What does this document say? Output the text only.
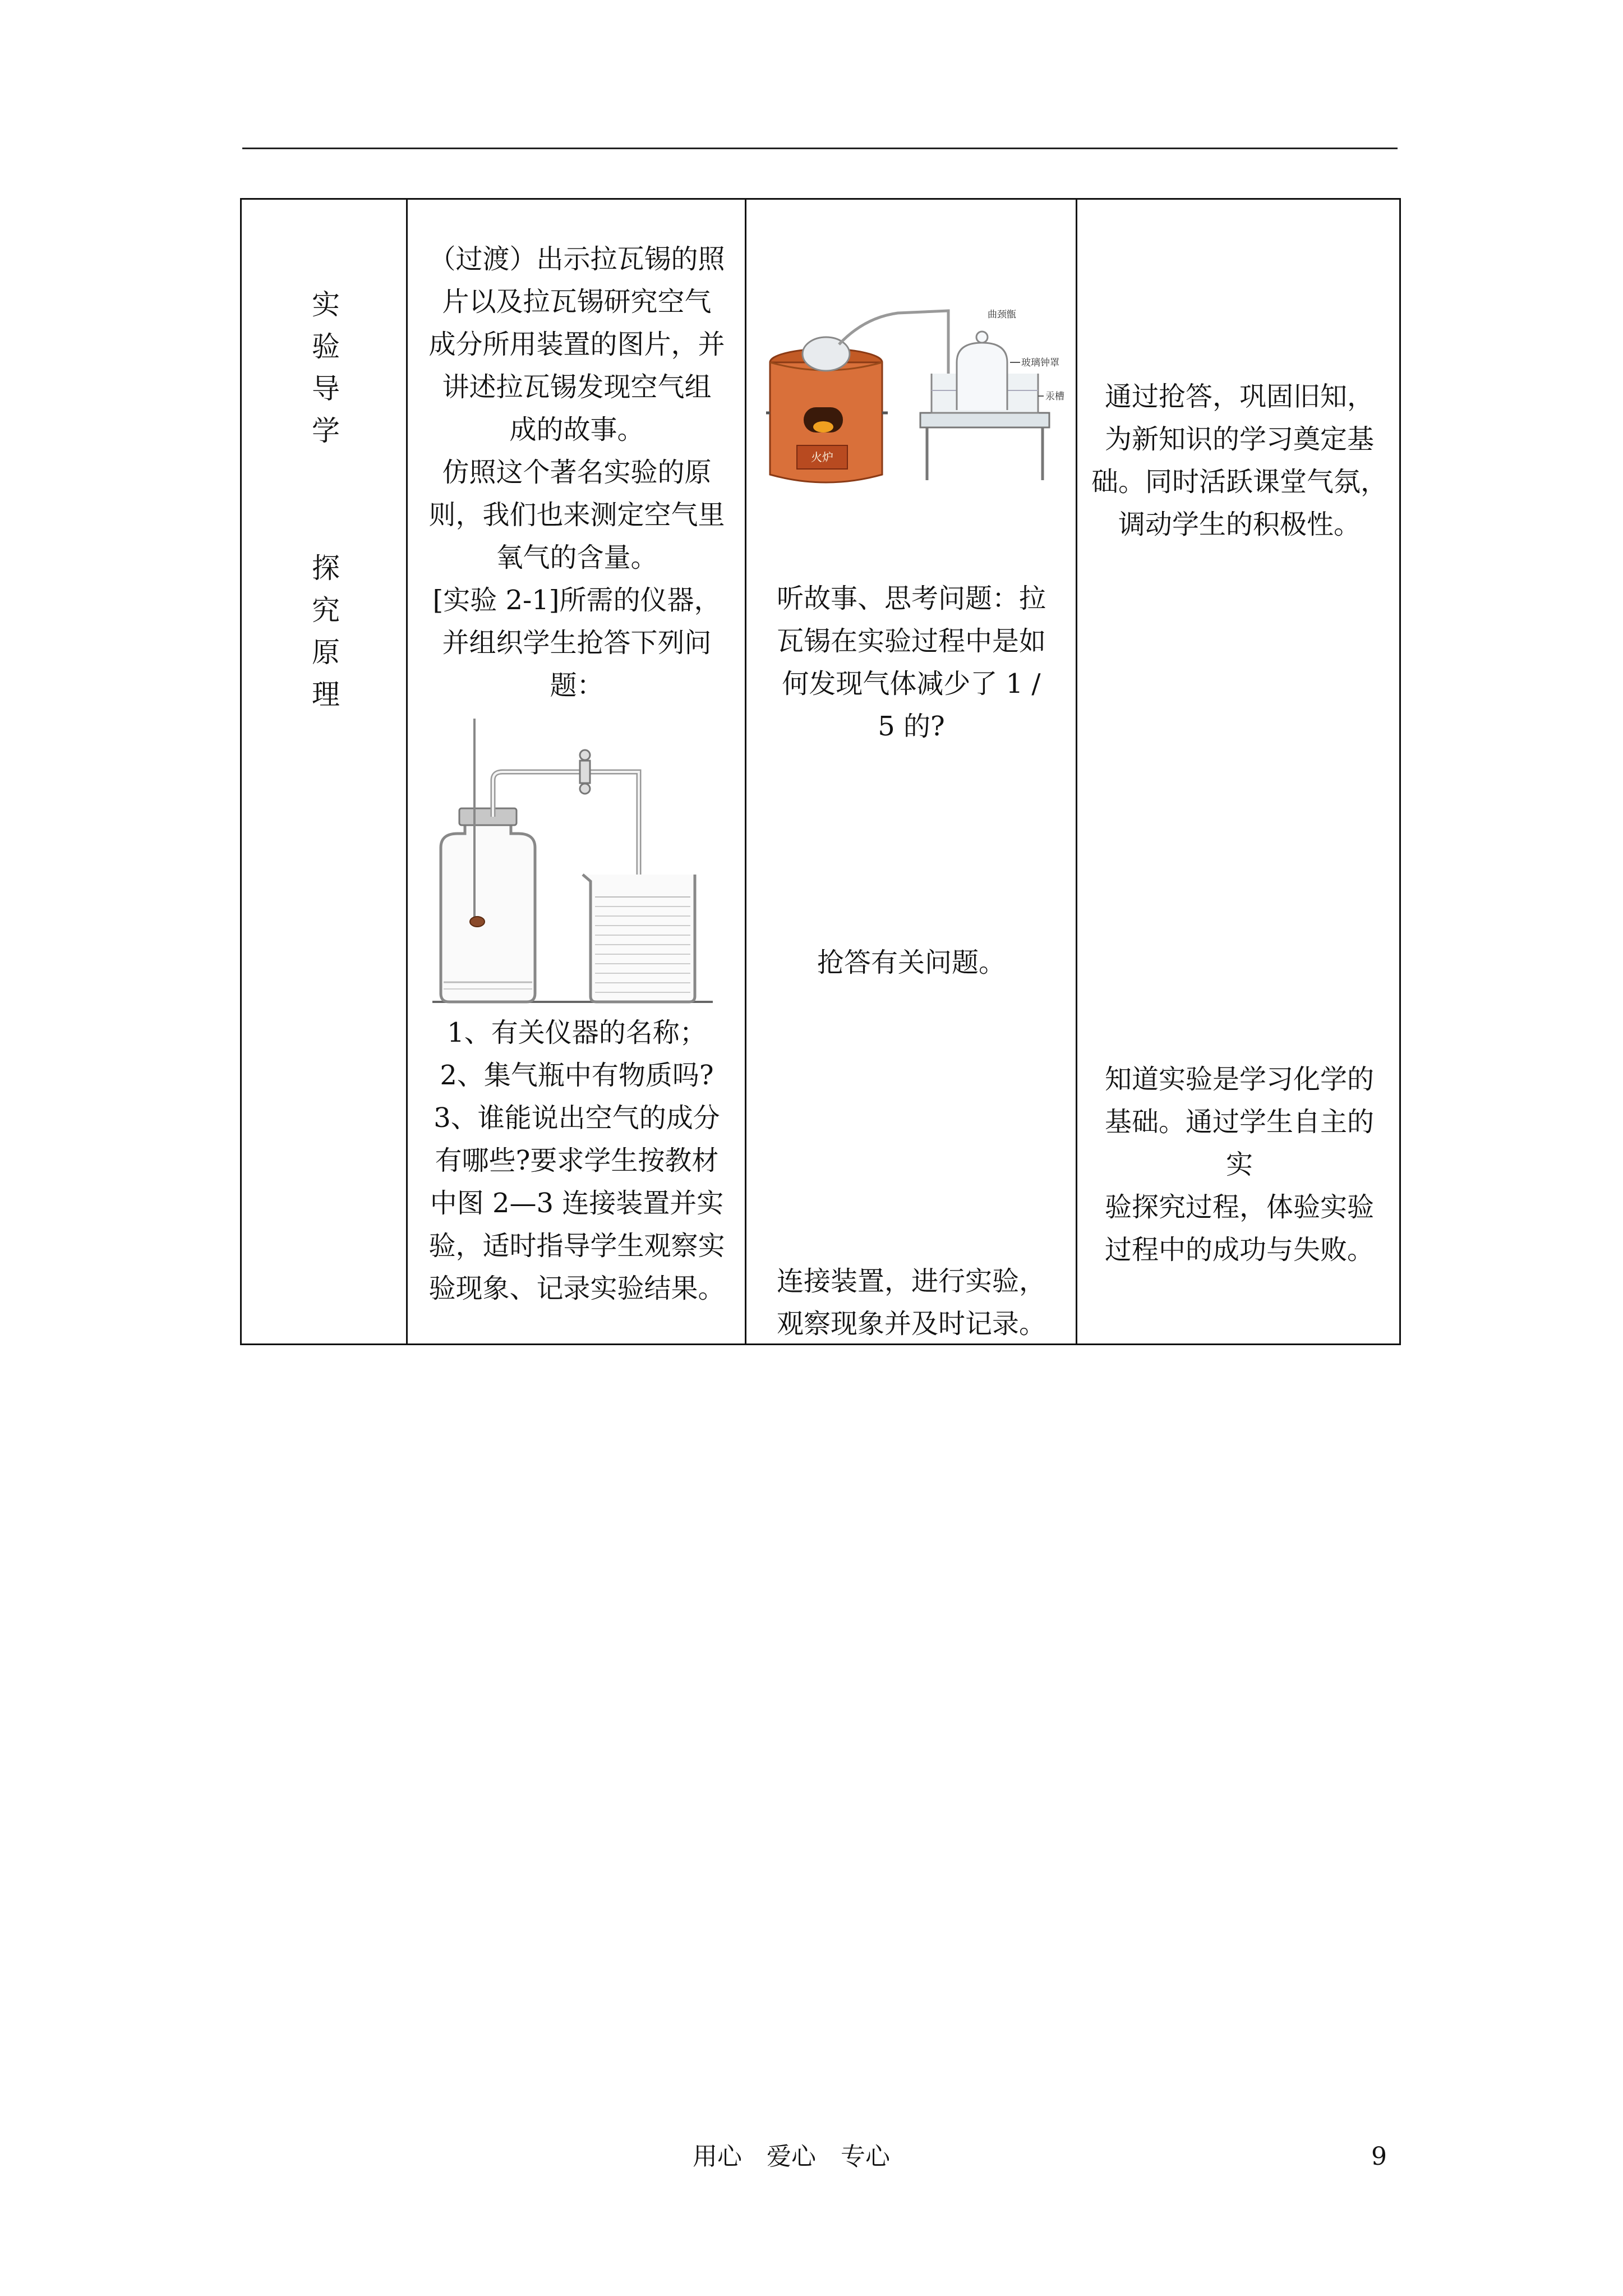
实
验
导
学
探
究
原
理
（过渡）出示拉瓦锡的照
片以及拉瓦锡研究空气
成分所用装置的图片，并
讲述拉瓦锡发现空气组
成的故事。
仿照这个著名实验的原
则，我们也来测定空气里
氧气的含量。
[实验 2-1]所需的仪器，
并组织学生抢答下列问
题：
1、有关仪器的名称；
2、集气瓶中有物质吗?
3、谁能说出空气的成分
有哪些?要求学生按教材
中图 2—3 连接装置并实
验，适时指导学生观察实
验现象、记录实验结果。
火炉
曲颈甑
玻璃钟罩
汞槽
听故事、思考问题：拉
瓦锡在实验过程中是如
何发现气体减少了 1 /
5 的?
抢答有关问题。
连接装置，进行实验，
观察现象并及时记录。
通过抢答，巩固旧知，
为新知识的学习奠定基
础。同时活跃课堂气氛，
调动学生的积极性。
知道实验是学习化学的
基础。通过学生自主的
实
验探究过程，体验实验
过程中的成功与失败。
用心　爱心　专心	9
